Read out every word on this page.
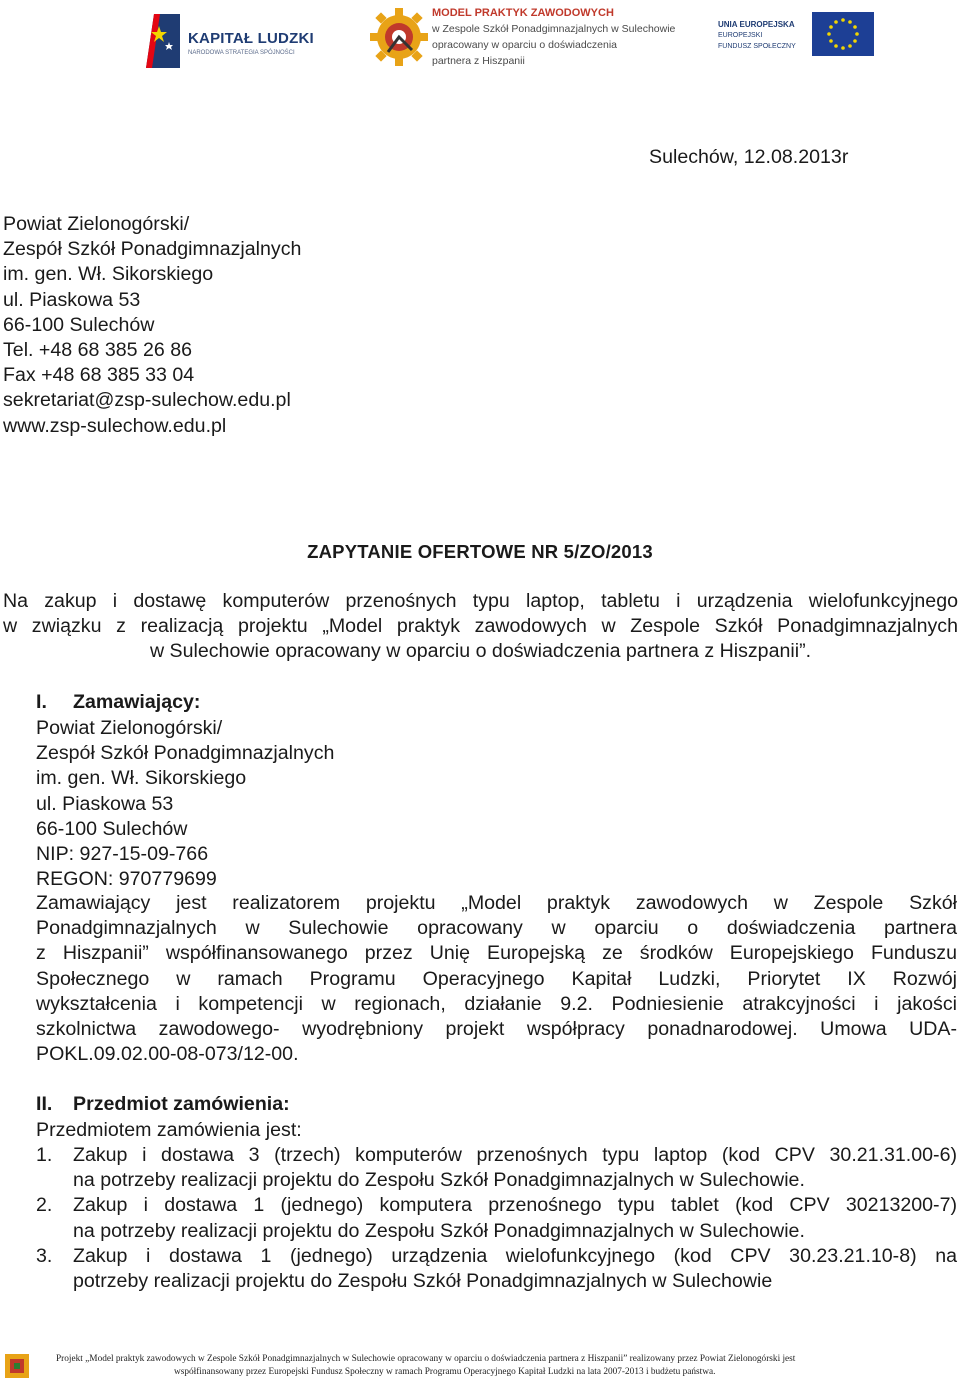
KAPITAŁ LUDZKI
NARODOWA STRATEGIA SPÓJNOŚCI
MODEL PRAKTYK ZAWODOWYCH
w Zespole Szkół Ponadgimnazjalnych w Sulechowie
opracowany w oparciu o doświadczenia
partnera z Hiszpanii
UNIA EUROPEJSKA
EUROPEJSKI
FUNDUSZ SPOŁECZNY
Sulechów, 12.08.2013r
Powiat Zielonogórski/
Zespół Szkół Ponadgimnazjalnych
im. gen. Wł. Sikorskiego
ul. Piaskowa 53
66-100 Sulechów
Tel. +48 68 385 26 86
Fax +48 68 385 33 04
sekretariat@zsp-sulechow.edu.pl
www.zsp-sulechow.edu.pl
ZAPYTANIE OFERTOWE NR 5/ZO/2013
Na zakup i dostawę komputerów przenośnych typu laptop, tabletu i urządzenia wielofunkcyjnego
w związku z realizacją projektu „Model praktyk zawodowych w Zespole Szkół Ponadgimnazjalnych
w Sulechowie opracowany w oparciu o doświadczenia partnera z Hiszpanii”.
I. Zamawiający:
Powiat Zielonogórski/
Zespół Szkół Ponadgimnazjalnych
im. gen. Wł. Sikorskiego
ul. Piaskowa 53
66-100 Sulechów
NIP: 927-15-09-766
REGON: 970779699
Zamawiający jest realizatorem projektu „Model praktyk zawodowych w Zespole Szkół
Ponadgimnazjalnych w Sulechowie opracowany w oparciu o doświadczenia partnera
z Hiszpanii” współfinansowanego przez Unię Europejską ze środków Europejskiego Funduszu
Społecznego w ramach Programu Operacyjnego Kapitał Ludzki, Priorytet IX Rozwój
wykształcenia i kompetencji w regionach, działanie 9.2. Podniesienie atrakcyjności i jakości
szkolnictwa zawodowego- wyodrębniony projekt współpracy ponadnarodowej. Umowa UDA-
POKL.09.02.00-08-073/12-00.
II. Przedmiot zamówienia:
Przedmiotem zamówienia jest:
1. Zakup i dostawa 3 (trzech) komputerów przenośnych typu laptop (kod CPV 30.21.31.00-6)
na potrzeby realizacji projektu do Zespołu Szkół Ponadgimnazjalnych w Sulechowie.
2. Zakup i dostawa 1 (jednego) komputera przenośnego typu tablet (kod CPV 30213200-7)
na potrzeby realizacji projektu do Zespołu Szkół Ponadgimnazjalnych w Sulechowie.
3. Zakup i dostawa 1 (jednego) urządzenia wielofunkcyjnego (kod CPV 30.23.21.10-8) na
potrzeby realizacji projektu do Zespołu Szkół Ponadgimnazjalnych w Sulechowie
Projekt „Model praktyk zawodowych w Zespole Szkół Ponadgimnazjalnych w Sulechowie opracowany w oparciu o doświadczenia partnera z Hiszpanii” realizowany przez Powiat Zielonogórski jest
współfinansowany przez Europejski Fundusz Społeczny w ramach Programu Operacyjnego Kapitał Ludzki na lata 2007-2013 i budżetu państwa.
